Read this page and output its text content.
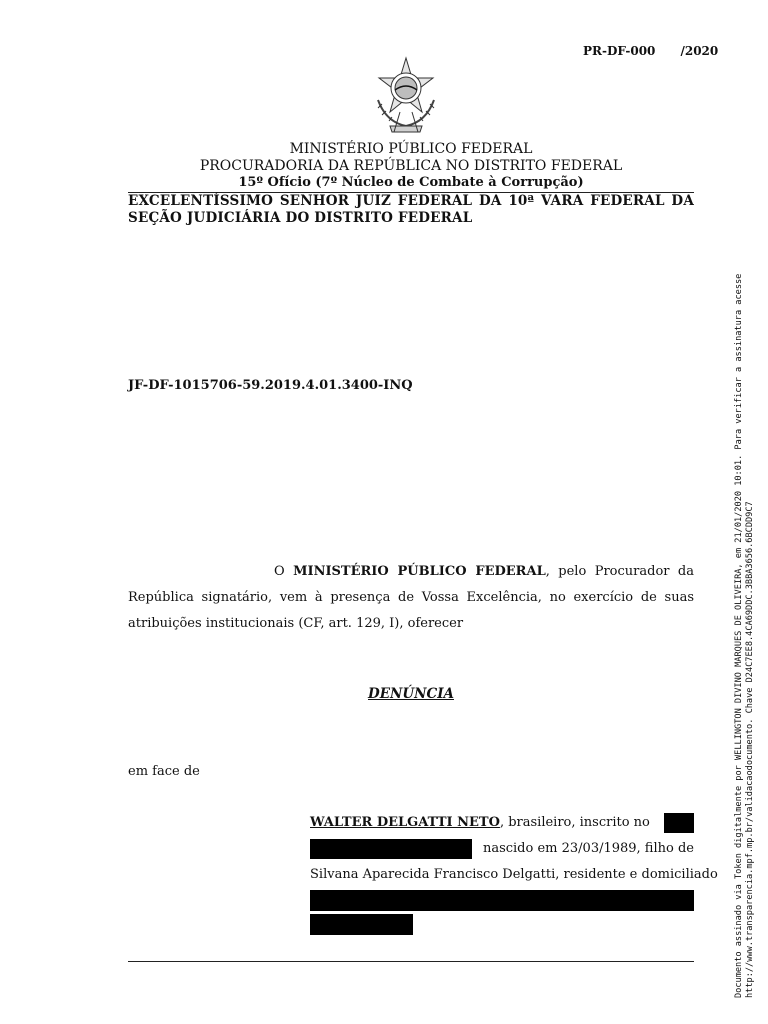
PR-DF-000      /2020
MINISTÉRIO PÚBLICO FEDERAL
PROCURADORIA DA REPÚBLICA NO DISTRITO FEDERAL
15º Ofício (7º Núcleo de Combate à Corrupção)
EXCELENTÍSSIMO SENHOR JUIZ FEDERAL DA 10ª VARA FEDERAL DA SEÇÃO JUDICIÁRIA DO DISTRITO FEDERAL
JF-DF-1015706-59.2019.4.01.3400-INQ
O MINISTÉRIO PÚBLICO FEDERAL, pelo Procurador da República signatário, vem à presença de Vossa Excelência, no exercício de suas atribuições institucionais (CF, art. 129, I), oferecer
DENÚNCIA
em face de
WALTER DELGATTI NETO, brasileiro, inscrito no
nascido em 23/03/1989, filho de
Silvana Aparecida Francisco Delgatti, residente e domiciliado Documento assinado via Token digitalmente por WELLINGTON DIVINO MARQUES DE OLIVEIRA, em 21/01/2020 10:01. Para verificar a assinatura acesse http://www.transparencia.mpf.mp.br/validacaodocumento. Chave D24C7EE8.4CA69DDC.3BBA3656.6BCDD9C7
